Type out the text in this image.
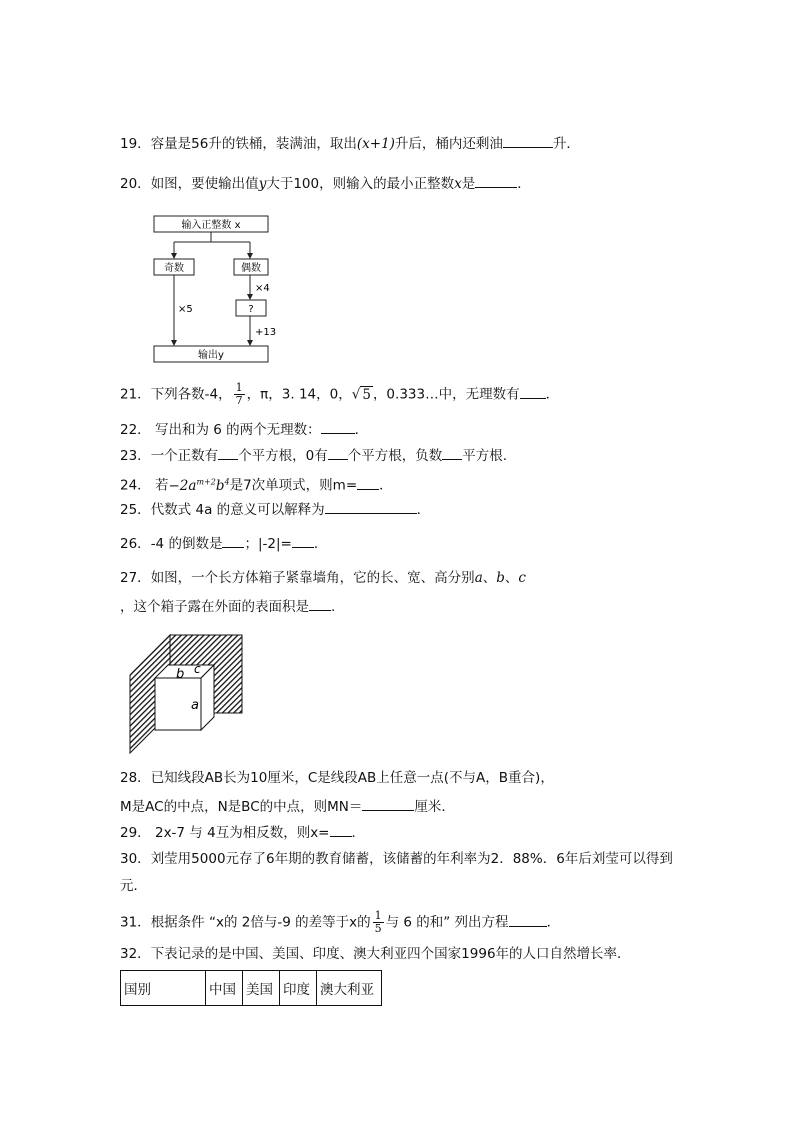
19．容量是56升的铁桶，装满油，取出(x+1)升后，桶内还剩油	升．
20．如图，要使输出值y大于100，则输入的最小正整数x是	．
输入正整数 x
奇数	偶数
×5
×4
?
+13
输出y
21．下列各数-4， $\frac{1}{7}$ ，π，3. 14，0，√ 5 ，0.333…中，无理数有 ．
22． 写出和为 6 的两个无理数：	．
23．一个正数有 个平方根，0有 个平方根，负数 平方根.
24． 若$-2a^{m+2}b^4$是7次单项式，则m= ．
25．代数式 4a 的意义可以解释为	．
26．-4 的倒数是 ；|-2|= ．
27．如图，一个长方体箱子紧靠墙角，它的长、宽、高分别a、b、c
，这个箱子露在外面的表面积是 .
b c
a
28．已知线段AB长为10厘米，C是线段AB上任意一点(不与A，B重合)，
M是AC的中点，N是BC的中点，则MN＝	厘米．
29． 2x-7 与 4互为相反数，则x= ．
30．刘莹用5000元存了6年期的教育储蓄，该储蓄的年利率为2．88%．6年后刘莹可以得到
元．
31．根据条件 “x的 2倍与-9 的差等于x的 $\frac{1}{5}$ 与 6 的和” 列出方程	．
32．下表记录的是中国、美国、印度、澳大利亚四个国家1996年的人口自然增长率．
国别	中国	美国	印度	澳大利亚
